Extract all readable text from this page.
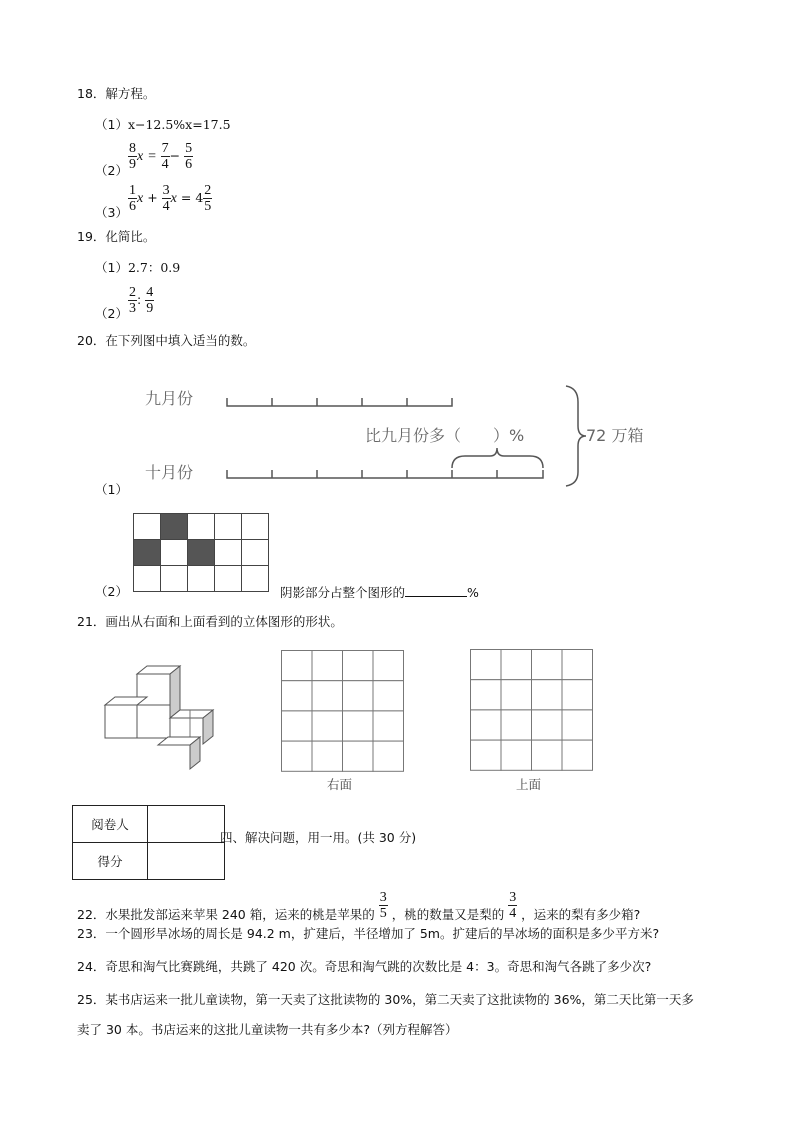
18．解方程。
（1）x−12.5%x=17.5
$(2) \frac{8}{9}$ $x = \frac{7}{4} - \frac{5}{6}$
$(3) \frac{1}{6}$ $x + \frac{3}{4}$ $x = 4 \frac{2}{5}$
19．化简比。
（1）2.7：0.9
$(2) \frac{2}{3}$ : $\frac{4}{9}$
20．在下列图中填入适当的数。
九月份
十月份
比九月份多（　　）%	72 万箱
（1）
（2）	阴影部分占整个图形的	%
21．画出从右面和上面看到的立体图形的形状。
右面	上面
阅卷人	
得分	
四、解决问题，用一用。(共 30 分)
22．水果批发部运来苹果 240 箱，运来的桃是苹果的 $\frac{3}{5}$ ，桃的数量又是梨的 $\frac{3}{4}$ ，运来的梨有多少箱?
23．一个圆形旱冰场的周长是 94.2 m，扩建后，半径增加了 5m。扩建后的旱冰场的面积是多少平方米?
24．奇思和淘气比赛跳绳，共跳了 420 次。奇思和淘气跳的次数比是 4：3。奇思和淘气各跳了多少次?
25．某书店运来一批儿童读物，第一天卖了这批读物的 30%，第二天卖了这批读物的 36%，第二天比第一天多
卖了 30 本。书店运来的这批儿童读物一共有多少本?（列方程解答）
